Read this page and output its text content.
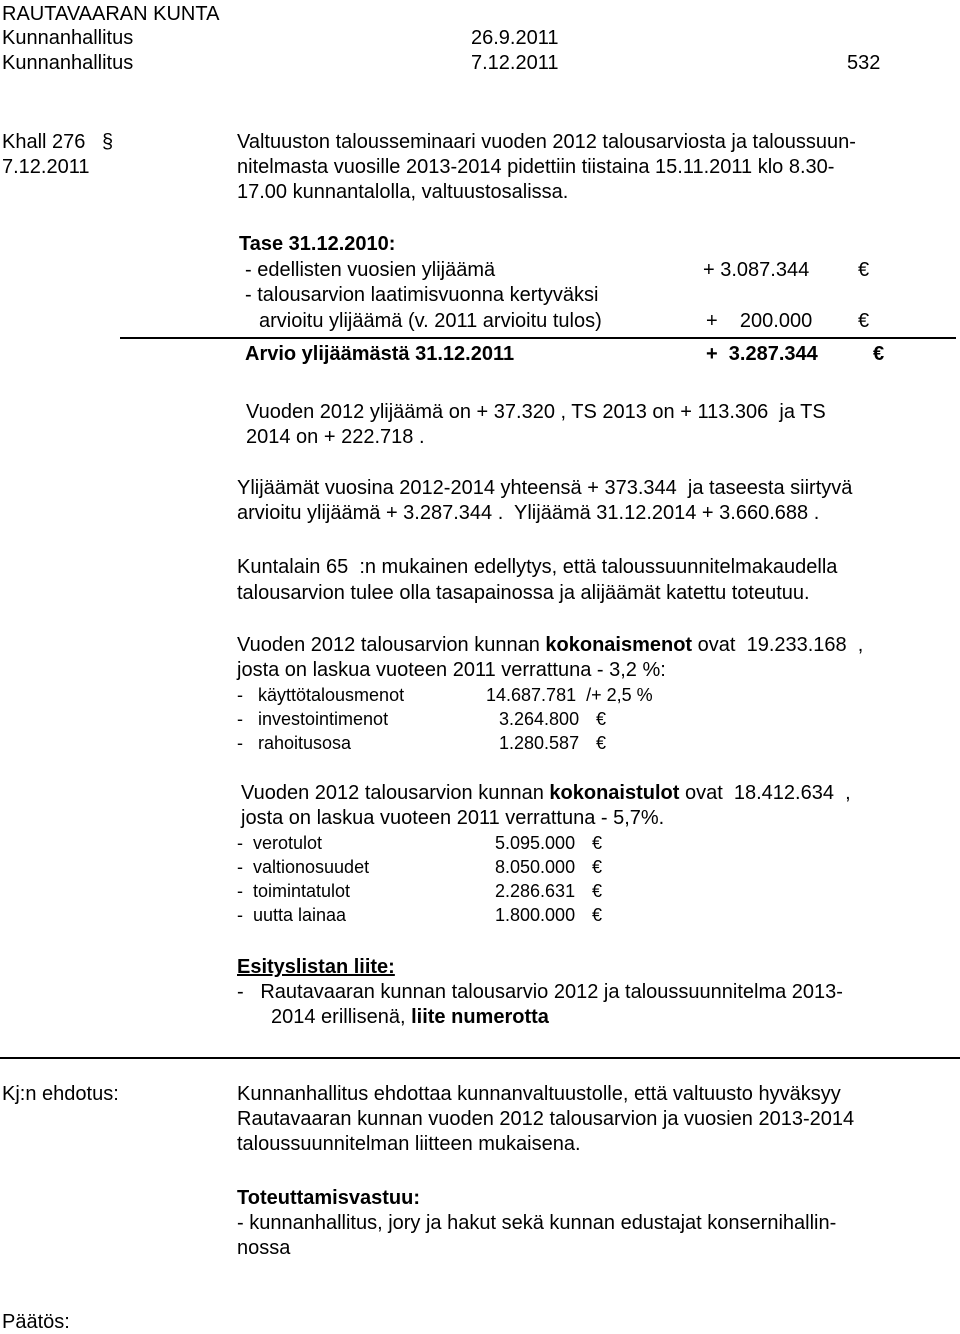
RAUTAVAARAN KUNTA
Kunnanhallitus	26.9.2011
Kunnanhallitus	7.12.2011	532
Khall 276 §
7.12.2011
Valtuuston talousseminaari vuoden 2012 talousarviosta ja taloussuun-
nitelmasta vuosille 2013-2014 pidettiin tiistaina 15.11.2011 klo 8.30-
17.00 kunnantalolla, valtuustosalissa.
Tase 31.12.2010:
- edellisten vuosien ylijäämä	+ 3.087.344 €
- talousarvion laatimisvuonna kertyväksi
arvioitu ylijäämä (v. 2011 arvioitu tulos)	+    200.000 €
Arvio ylijäämästä 31.12.2011	+  3.287.344	€
Vuoden 2012 ylijäämä on + 37.320 , TS 2013 on + 113.306  ja TS
2014 on + 222.718 .
Ylijäämät vuosina 2012-2014 yhteensä + 373.344  ja taseesta siirtyvä
arvioitu ylijäämä + 3.287.344 .  Ylijäämä 31.12.2014 + 3.660.688 .
Kuntalain 65  :n mukainen edellytys, että taloussuunnitelmakaudella
talousarvion tulee olla tasapainossa ja alijäämät katettu toteutuu.
Vuoden 2012 talousarvion kunnan kokonaismenot ovat  19.233.168  ,
josta on laskua vuoteen 2011 verrattuna - 3,2 %:
-   käyttötalousmenot	14.687.781  /+ 2,5 %
-   investointimenot	3.264.800 €
-   rahoitusosa	1.280.587 €
Vuoden 2012 talousarvion kunnan kokonaistulot ovat  18.412.634  ,
josta on laskua vuoteen 2011 verrattuna - 5,7%.
-  verotulot	5.095.000 €
-  valtionosuudet	8.050.000 €
-  toimintatulot	2.286.631 €
-  uutta lainaa	1.800.000 €
Esityslistan liite:
-   Rautavaaran kunnan talousarvio 2012 ja taloussuunnitelma 2013-
2014 erillisenä, liite numerotta
Kj:n ehdotus:	Kunnanhallitus ehdottaa kunnanvaltuustolle, että valtuusto hyväksyy
Rautavaaran kunnan vuoden 2012 talousarvion ja vuosien 2013-2014
taloussuunnitelman liitteen mukaisena.
Toteuttamisvastuu:
- kunnanhallitus, jory ja hakut sekä kunnan edustajat konsernihallin-
nossa
Päätös:
